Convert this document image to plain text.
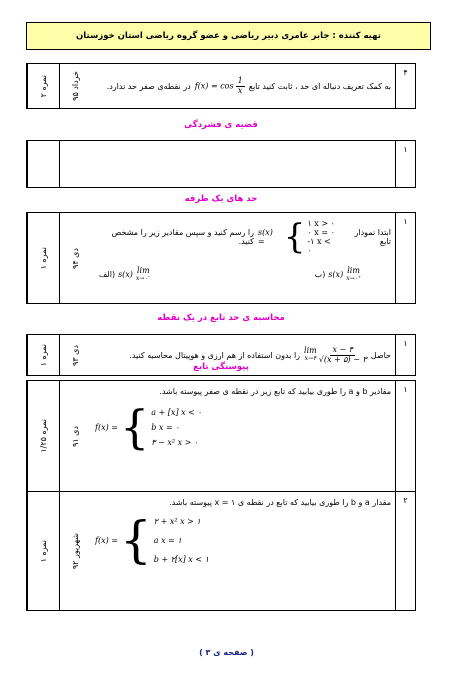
تهیه کننده : جابر عامری دبیر ریاضی و عضو گروه ریاضی استان خوزستان
۴
به کمک تعریف دنباله ای حد ، ثابت کنید تابع
$f(x) = \cos \frac{1}{x}$
در نقطه‌ی صفر حد ندارد.
خرداد ۹۵
۲ نمره
قضیه ی فشردگی
۱
حد های یک طرفه
۱
ابتدا نمودار تابع
s(x) = { ۱ x > ۰
۰ x = ۰
-۱ x < ۰
را رسم کنید و سپس مقادیر زیر را مشخص کنید.
lim
x→۰⁺
s(x)
(ب
lim
x→۰⁻
s(x)
(الف
دی ۹۴
۱ نمره
محاسبه ی حد تابع در یک نقطه
۱
حاصل
lim
x→۴ $\frac{x - ۴}{√(x + ۵) - ۳}$
را بدون استفاده از هم ارزی و هوپیتال محاسبه کنید.
دی ۹۳
۱ نمره
پیوستگی تابع
۱
مقادیر b و a را طوری بیابید که تابع زیر در نقطه ی صفر پیوسته باشد.
f(x) = { a + [x] x < ۰
b x = ۰
۳ − x² x > ۰
دی ۹۱
۱/۲۵ نمره
۲
مقدار a و b را طوری بیابید که تابع در نقطه ی ۱ = x پیوسته باشد.
f(x) = { ۲ + x² x > ۱
a x = ۱
b + ۲[x] x < ۱
شهریور ۹۲
۱ نمره
( صفحه ی ۳ )
